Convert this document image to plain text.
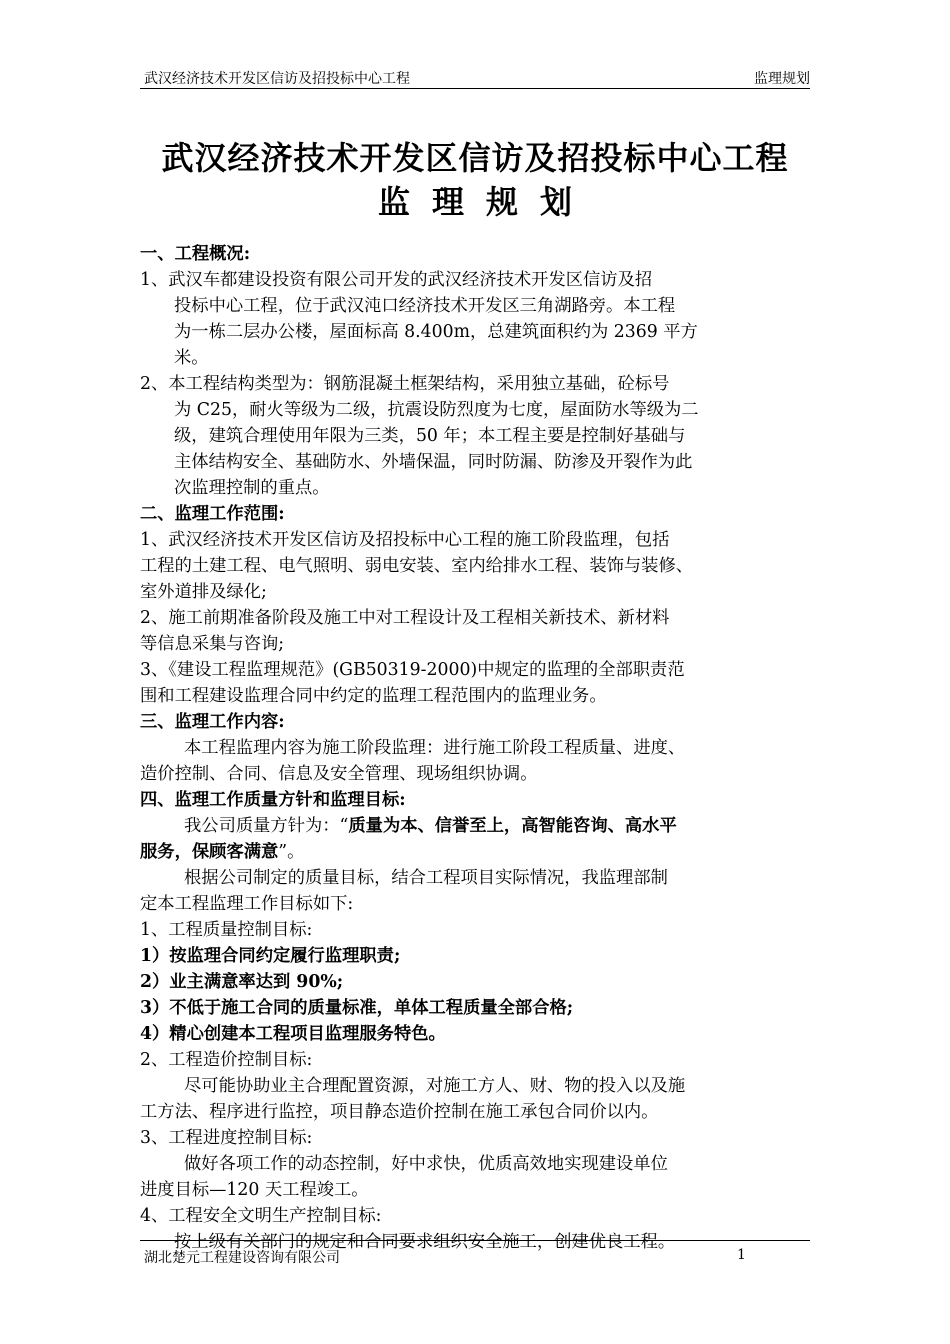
武汉经济技术开发区信访及招投标中心工程	监理规划
武汉经济技术开发区信访及招投标中心工程
监理规划
一、工程概况:
1、武汉车都建设投资有限公司开发的武汉经济技术开发区信访及招
投标中心工程，位于武汉沌口经济技术开发区三角湖路旁。本工程
为一栋二层办公楼，屋面标高 8.400m，总建筑面积约为 2369 平方
米。
2、本工程结构类型为：钢筋混凝土框架结构，采用独立基础，砼标号
为 C25，耐火等级为二级，抗震设防烈度为七度，屋面防水等级为二
级，建筑合理使用年限为三类，50 年；本工程主要是控制好基础与
主体结构安全、基础防水、外墙保温，同时防漏、防渗及开裂作为此
次监理控制的重点。
二、监理工作范围:
1、武汉经济技术开发区信访及招投标中心工程的施工阶段监理，包括
工程的土建工程、电气照明、弱电安装、室内给排水工程、装饰与装修、
室外道排及绿化;
2、施工前期准备阶段及施工中对工程设计及工程相关新技术、新材料
等信息采集与咨询;
3、《建设工程监理规范》(GB50319-2000)中规定的监理的全部职责范
围和工程建设监理合同中约定的监理工程范围内的监理业务。
三、监理工作内容:
本工程监理内容为施工阶段监理：进行施工阶段工程质量、进度、
造价控制、合同、信息及安全管理、现场组织协调。
四、监理工作质量方针和监理目标:
我公司质量方针为：“质量为本、信誉至上，高智能咨询、高水平
服务，保顾客满意”。
根据公司制定的质量目标，结合工程项目实际情况，我监理部制
定本工程监理工作目标如下:
1、工程质量控制目标:
1）按监理合同约定履行监理职责;
2）业主满意率达到 90%;
3）不低于施工合同的质量标准，单体工程质量全部合格;
4）精心创建本工程项目监理服务特色。
2、工程造价控制目标:
尽可能协助业主合理配置资源，对施工方人、财、物的投入以及施
工方法、程序进行监控，项目静态造价控制在施工承包合同价以内。
3、工程进度控制目标:
做好各项工作的动态控制，好中求快，优质高效地实现建设单位
进度目标—120 天工程竣工。
4、工程安全文明生产控制目标:
按上级有关部门的规定和合同要求组织安全施工，创建优良工程。
湖北楚元工程建设咨询有限公司	1
